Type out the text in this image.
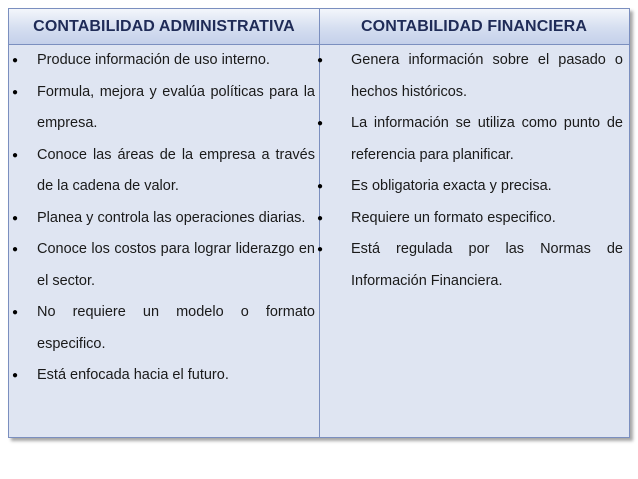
CONTABILIDAD ADMINISTRATIVA	CONTABILIDAD FINANCIERA
● Produce información de uso interno.
● Formula, mejora y evalúa políticas para la empresa.
● Conoce las áreas de la empresa a través de la cadena de valor.
● Planea y controla las operaciones diarias.
● Conoce los costos para lograr liderazgo en el sector.
● No requiere un modelo o formato especifico.
● Está enfocada hacia el futuro.
● Genera información sobre el pasado o hechos históricos.
● La información se utiliza como punto de referencia para planificar.
● Es obligatoria exacta y precisa.
● Requiere un formato especifico.
● Está regulada por las Normas de Información Financiera.
